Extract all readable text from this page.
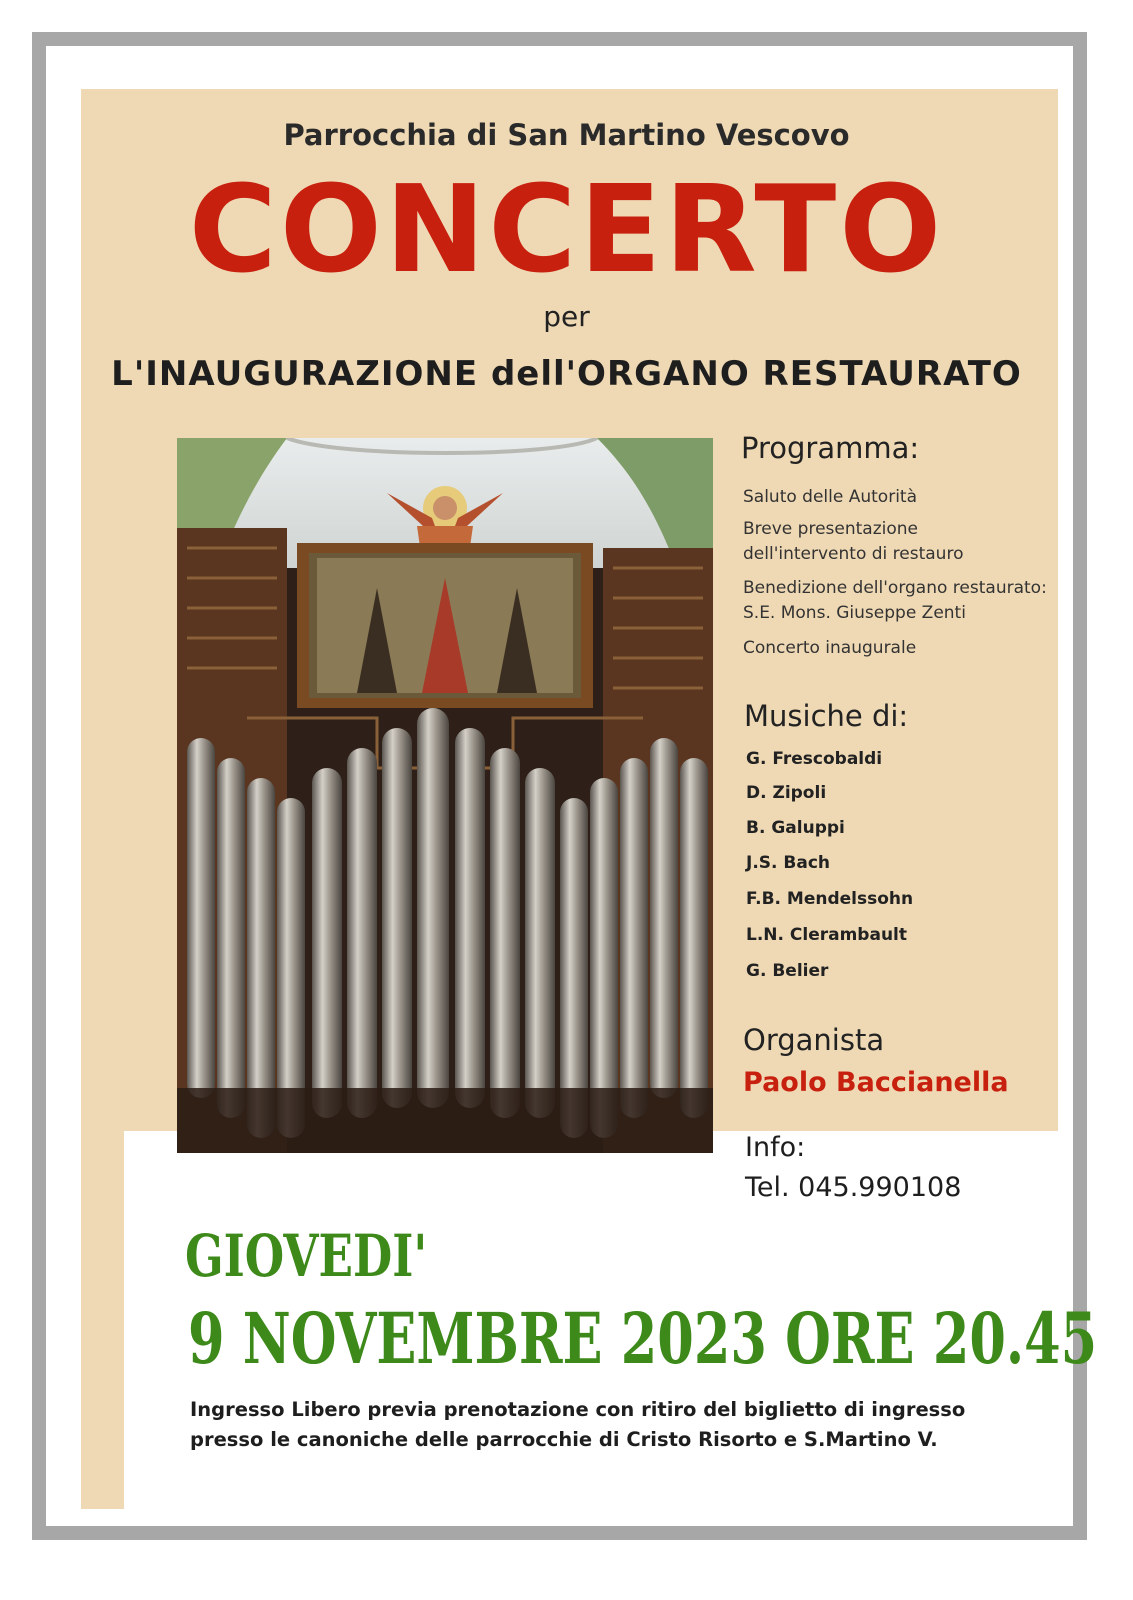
Parrocchia di San Martino Vescovo

CONCERTO

per

L'INAUGURAZIONE dell'ORGANO RESTAURATO

Programma:

Saluto delle Autorità

Breve presentazione dell'intervento di restauro

Benedizione dell'organo restaurato: S.E. Mons. Giuseppe Zenti

Concerto inaugurale

Musiche di:

G. Frescobaldi

D. Zipoli

B. Galuppi

J.S. Bach

F.B. Mendelssohn

L.N. Clerambault

G. Belier

Organista

Paolo Baccianella

Info:

Tel. 045.990108

GIOVEDI'

9 NOVEMBRE 2023 ORE 20.45

Ingresso Libero previa prenotazione con ritiro del biglietto di ingresso

presso le canoniche delle parrocchie di Cristo Risorto e S.Martino V.
